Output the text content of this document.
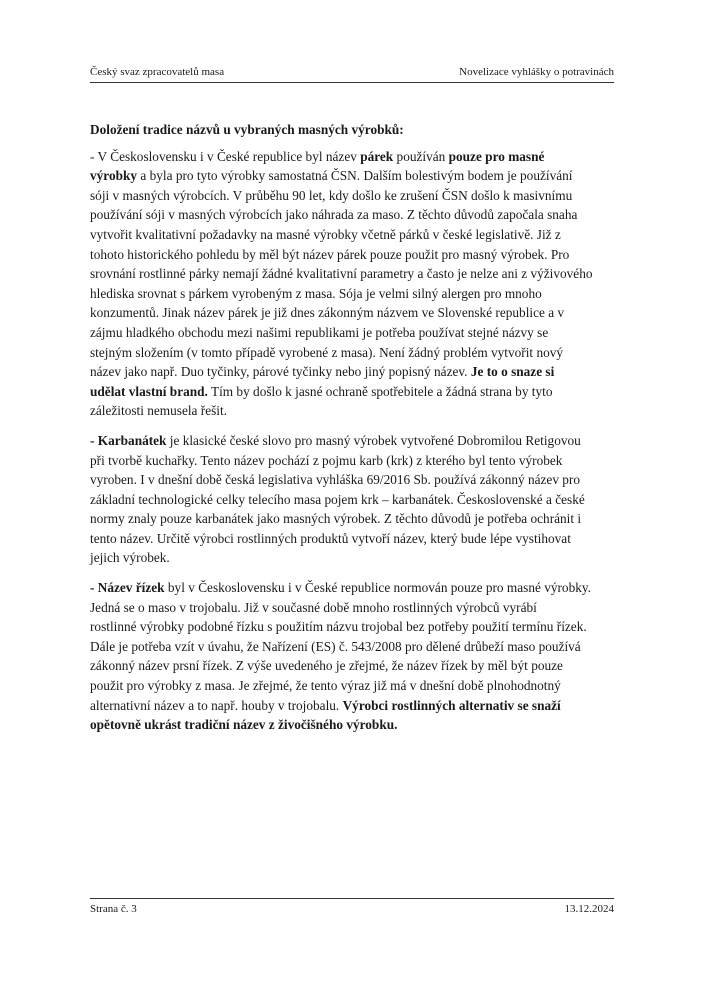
Český svaz zpracovatelů masa	Novelizace vyhlášky o potravinách
Doložení tradice názvů u vybraných masných výrobků:

- V Československu i v České republice byl název párek používán pouze pro masné

výrobky a byla pro tyto výrobky samostatná ČSN. Dalším bolestivým bodem je používání

sóji v masných výrobcích. V průběhu 90 let, kdy došlo ke zrušení ČSN došlo k masivnímu

používání sóji v masných výrobcích jako náhrada za maso. Z těchto důvodů započala snaha

vytvořit kvalitativní požadavky na masné výrobky včetně párků v české legislativě. Již z

tohoto historického pohledu by měl být název párek pouze použit pro masný výrobek. Pro

srovnání rostlinné párky nemají žádné kvalitativní parametry a často je nelze ani z výživového

hlediska srovnat s párkem vyrobeným z masa. Sója je velmi silný alergen pro mnoho

konzumentů. Jinak název párek je již dnes zákonným názvem ve Slovenské republice a v

zájmu hladkého obchodu mezi našimi republikami je potřeba používat stejné názvy se

stejným složením (v tomto případě vyrobené z masa). Není žádný problém vytvořit nový

název jako např. Duo tyčinky, párové tyčinky nebo jiný popisný název. Je to o snaze si

udělat vlastní brand. Tím by došlo k jasné ochraně spotřebitele a žádná strana by tyto

záležitosti nemusela řešit.

- Karbanátek je klasické české slovo pro masný výrobek vytvořené Dobromilou Retigovou

při tvorbě kuchařky. Tento název pochází z pojmu karb (krk) z kterého byl tento výrobek

vyroben. I v dnešní době česká legislativa vyhláška 69/2016 Sb. používá zákonný název pro

základní technologické celky telecího masa pojem krk – karbanátek. Československé a české

normy znaly pouze karbanátek jako masných výrobek. Z těchto důvodů je potřeba ochránit i

tento název. Určitě výrobci rostlinných produktů vytvoří název, který bude lépe vystihovat

jejich výrobek.

- Název řízek byl v Československu i v České republice normován pouze pro masné výrobky.

Jedná se o maso v trojobalu. Již v současné době mnoho rostlinných výrobců vyrábí

rostlinné výrobky podobné řízku s použitím názvu trojobal bez potřeby použití termínu řízek.

Dále je potřeba vzít v úvahu, že Nařízení (ES) č. 543/2008 pro dělené drůbeží maso používá

zákonný název prsní řízek. Z výše uvedeného je zřejmé, že název řízek by měl být pouze

použit pro výrobky z masa. Je zřejmé, že tento výraz již má v dnešní době plnohodnotný

alternativní název a to např. houby v trojobalu. Výrobci rostlinných alternativ se snaží

opětovně ukrást tradiční název z živočišného výrobku.

Strana č. 3	13.12.2024
